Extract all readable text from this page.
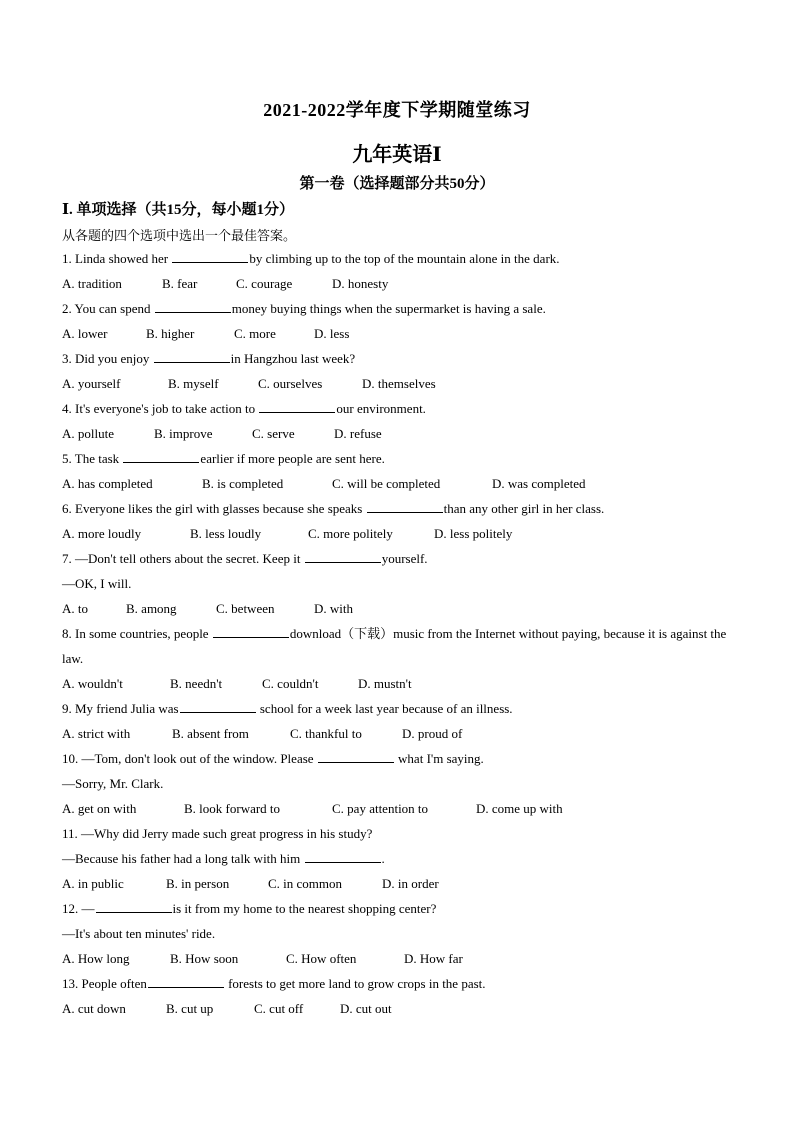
2021-2022学年度下学期随堂练习
九年英语Ⅰ
第一卷（选择题部分共50分）
Ⅰ. 单项选择（共15分，每小题1分）
从各题的四个选项中选出一个最佳答案。
1. Linda showed her	by climbing up to the top of the mountain alone in the dark.
A. tradition	B. fear	C. courage	D. honesty
2. You can spend	money buying things when the supermarket is having a sale.
A. lower	B. higher	C. more	D. less
3. Did you enjoy	in Hangzhou last week?
A. yourself	B. myself	C. ourselves	D. themselves
4. It's everyone's job to take action to	our environment.
A. pollute	B. improve	C. serve	D. refuse
5. The task	earlier if more people are sent here.
A. has completed	B. is completed	C. will be completed	D. was completed
6. Everyone likes the girl with glasses because she speaks	than any other girl in her class.
A. more loudly	B. less loudly	C. more politely	D. less politely
7. —Don't tell others about the secret. Keep it	yourself.
—OK, I will.
A. to	B. among	C. between	D. with
8. In some countries, people	download（下载）music from the Internet without paying, because it is against the law.
A. wouldn't	B. needn't	C. couldn't	D. mustn't
9. My friend Julia was	school for a week last year because of an illness.
A. strict with	B. absent from	C. thankful to	D. proud of
10. —Tom, don't look out of the window. Please	what I'm saying.
—Sorry, Mr. Clark.
A. get on with	B. look forward to	C. pay attention to	D. come up with
11. —Why did Jerry made such great progress in his study?
—Because his father had a long talk with him	.
A. in public	B. in person	C. in common	D. in order
12. —	is it from my home to the nearest shopping center?
—It's about ten minutes' ride.
A. How long	B. How soon	C. How often	D. How far
13. People often	forests to get more land to grow crops in the past.
A. cut down	B. cut up	C. cut off	D. cut out
